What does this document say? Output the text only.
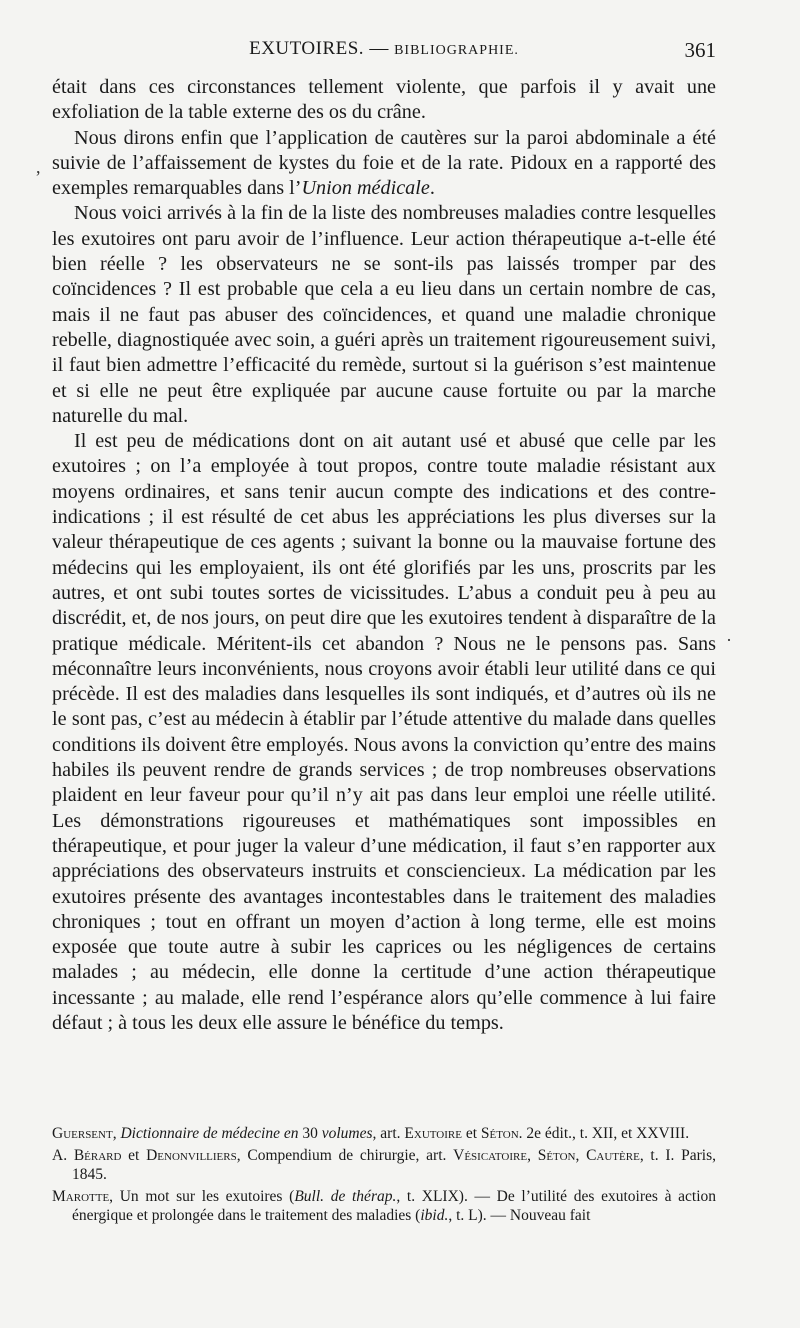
EXUTOIRES. — BIBLIOGRAPHIE.	361
,
·

était dans ces circonstances tellement violente, que parfois il y avait une exfoliation de la table externe des os du crâne.

Nous dirons enfin que l’application de cautères sur la paroi abdominale a été suivie de l’affaissement de kystes du foie et de la rate. Pidoux en a rapporté des exemples remarquables dans l’Union médicale.

Nous voici arrivés à la fin de la liste des nombreuses maladies contre lesquelles les exutoires ont paru avoir de l’influence. Leur action thérapeutique a-t-elle été bien réelle ? les observateurs ne se sont-ils pas laissés tromper par des coïncidences ? Il est probable que cela a eu lieu dans un certain nombre de cas, mais il ne faut pas abuser des coïncidences, et quand une maladie chronique rebelle, diagnostiquée avec soin, a guéri après un traitement rigoureusement suivi, il faut bien admettre l’efficacité du remède, surtout si la guérison s’est maintenue et si elle ne peut être expliquée par aucune cause fortuite ou par la marche naturelle du mal.

Il est peu de médications dont on ait autant usé et abusé que celle par les exutoires ; on l’a employée à tout propos, contre toute maladie résistant aux moyens ordinaires, et sans tenir aucun compte des indications et des contre-indications ; il est résulté de cet abus les appréciations les plus diverses sur la valeur thérapeutique de ces agents ; suivant la bonne ou la mauvaise fortune des médecins qui les employaient, ils ont été glorifiés par les uns, proscrits par les autres, et ont subi toutes sortes de vicissitudes. L’abus a conduit peu à peu au discrédit, et, de nos jours, on peut dire que les exutoires tendent à disparaître de la pratique médicale. Méritent-ils cet abandon ? Nous ne le pensons pas. Sans méconnaître leurs inconvénients, nous croyons avoir établi leur utilité dans ce qui précède. Il est des maladies dans lesquelles ils sont indiqués, et d’autres où ils ne le sont pas, c’est au médecin à établir par l’étude attentive du malade dans quelles conditions ils doivent être employés. Nous avons la conviction qu’entre des mains habiles ils peuvent rendre de grands services ; de trop nombreuses observations plaident en leur faveur pour qu’il n’y ait pas dans leur emploi une réelle utilité. Les démonstrations rigoureuses et mathématiques sont impossibles en thérapeutique, et pour juger la valeur d’une médication, il faut s’en rapporter aux appréciations des observateurs instruits et consciencieux. La médication par les exutoires présente des avantages incontestables dans le traitement des maladies chroniques ; tout en offrant un moyen d’action à long terme, elle est moins exposée que toute autre à subir les caprices ou les négligences de certains malades ; au médecin, elle donne la certitude d’une action thérapeutique incessante ; au malade, elle rend l’espérance alors qu’elle commence à lui faire défaut ; à tous les deux elle assure le bénéfice du temps.

Guersent, Dictionnaire de médecine en 30 volumes, art. Exutoire et Séton. 2e édit., t. XII, et XXVIII.

A. Bérard et Denonvilliers, Compendium de chirurgie, art. Vésicatoire, Séton, Cautère, t. I. Paris, 1845.

Marotte, Un mot sur les exutoires (Bull. de thérap., t. XLIX). — De l’utilité des exutoires à action énergique et prolongée dans le traitement des maladies (ibid., t. L). — Nouveau fait
